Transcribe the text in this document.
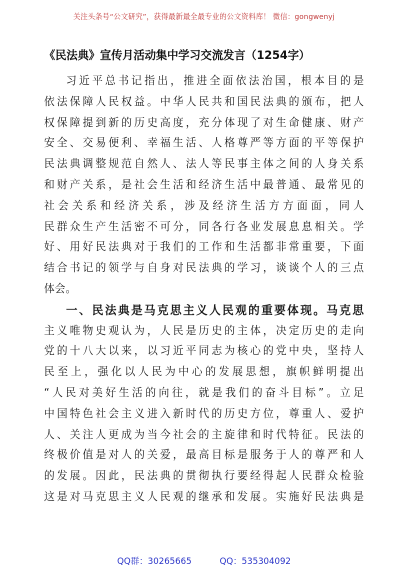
关注头条号“公文研究”，获得最新最全最专业的公文资料库！ 微信：gongwenyj
《民法典》宣传月活动集中学习交流发言（1254字）
习近平总书记指出，推进全面依法治国，根本目的是
依法保障人民权益。中华人民共和国民法典的颁布，把人
权保障提到新的历史高度，充分体现了对生命健康、财产
安全、交易便利、幸福生活、人格尊严等方面的平等保护
民法典调整规范自然人、法人等民事主体之间的人身关系
和财产关系，是社会生活和经济生活中最普通、最常见的
社会关系和经济关系，涉及经济生活方方面面，同人
民群众生产生活密不可分，同各行各业发展息息相关。学
好、用好民法典对于我们的工作和生活都非常重要，下面
结合书记的领学与自身对民法典的学习，谈谈个人的三点
体会。
一、民法典是马克思主义人民观的重要体现。马克思
主义唯物史观认为，人民是历史的主体，决定历史的走向
党的十八大以来，以习近平同志为核心的党中央，坚持人
民至上，强化以人民为中心的发展思想，旗帜鲜明提出
“人民对美好生活的向往，就是我们的奋斗目标”。立足
中国特色社会主义进入新时代的历史方位，尊重人、爱护
人、关注人更成为当今社会的主旋律和时代特征。民法的
终极价值是对人的关爱，最高目标是服务于人的尊严和人
的发展。因此，民法典的贯彻执行要经得起人民群众检验
这是对马克思主义人民观的继承和发展。实施好民法典是
QQ群：30265665	QQ：535304092
